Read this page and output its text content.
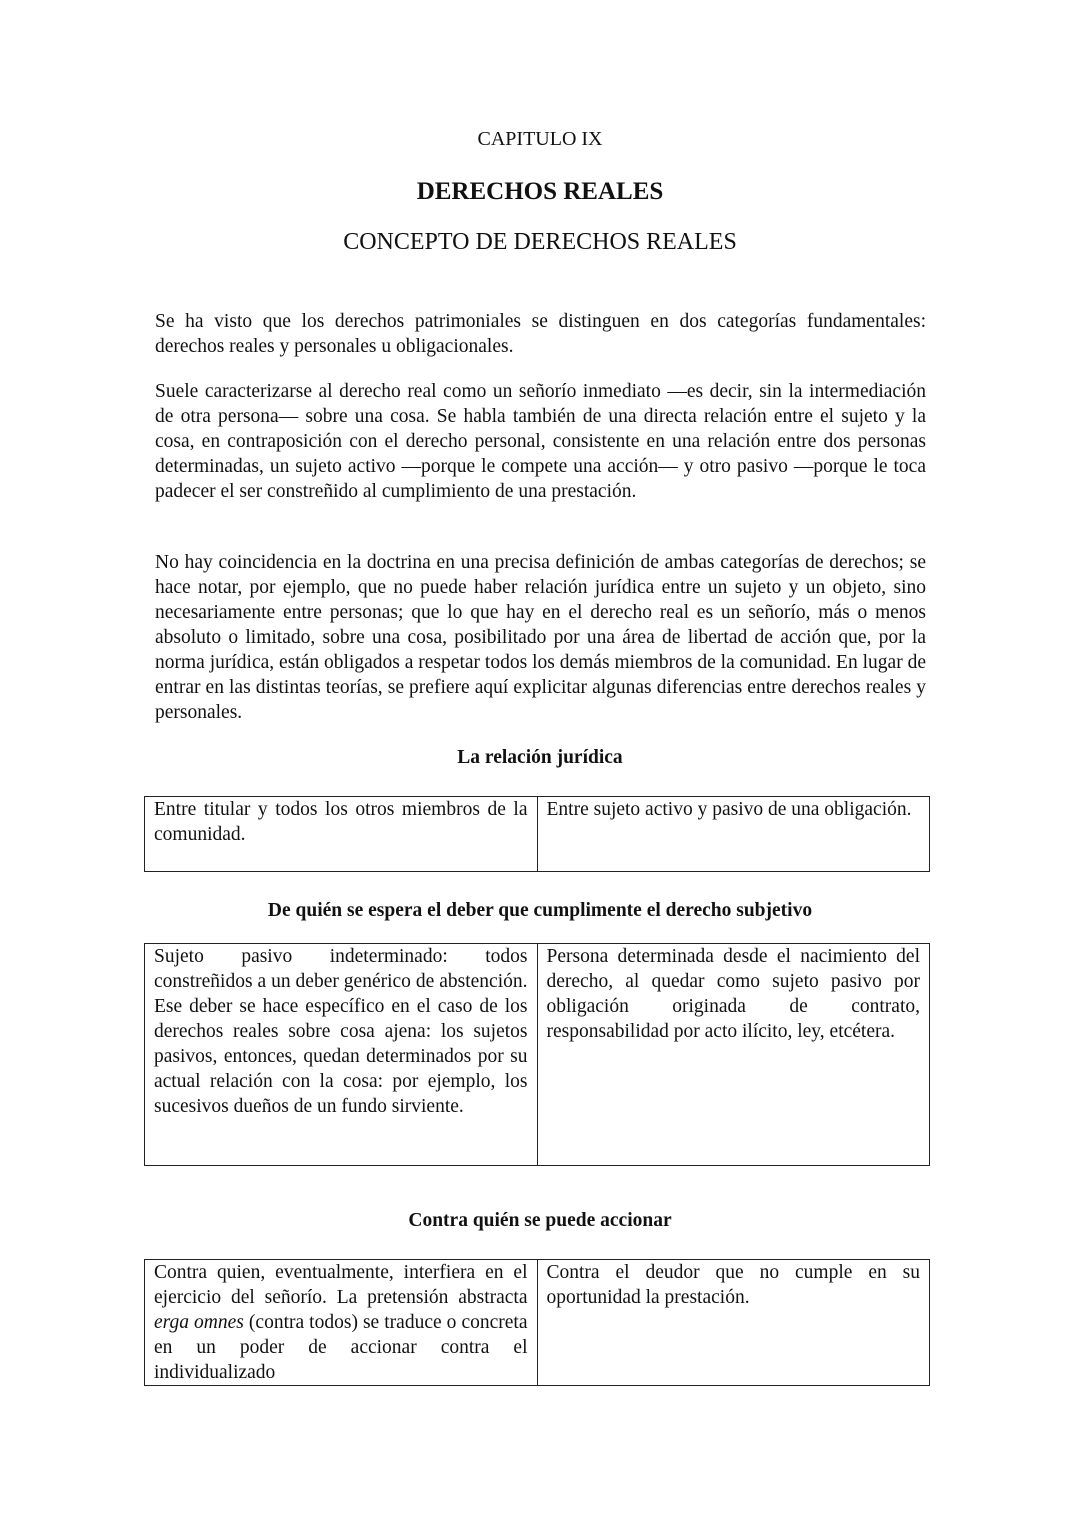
CAPITULO IX
DERECHOS REALES
CONCEPTO DE DERECHOS REALES

Se ha visto que los derechos patrimoniales se distinguen en dos categorías fundamentales: derechos reales y personales u obligacionales.

Suele caracterizarse al derecho real como un señorío inmediato —es decir, sin la intermediación de otra persona— sobre una cosa. Se habla también de una directa relación entre el sujeto y la cosa, en contraposición con el derecho personal, consistente en una relación entre dos personas determinadas, un sujeto activo —porque le compete una acción— y otro pasivo —porque le toca padecer el ser constreñido al cumplimiento de una prestación.

No hay coincidencia en la doctrina en una precisa definición de ambas categorías de derechos; se hace notar, por ejemplo, que no puede haber relación jurídica entre un sujeto y un objeto, sino necesariamente entre personas; que lo que hay en el derecho real es un señorío, más o menos absoluto o limitado, sobre una cosa, posibilitado por una área de libertad de acción que, por la norma jurídica, están obligados a respetar todos los demás miembros de la comunidad. En lugar de entrar en las distintas teorías, se prefiere aquí explicitar algunas diferencias entre derechos reales y personales.

La relación jurídica
Entre titular y todos los otros miembros de la comunidad.	Entre sujeto activo y pasivo de una obligación.
De quién se espera el deber que cumplimente el derecho subjetivo
Sujeto pasivo indeterminado: todos constreñidos a un deber genérico de abstención. Ese deber se hace específico en el caso de los derechos reales sobre cosa ajena: los sujetos pasivos, entonces, quedan determinados por su actual relación con la cosa: por ejemplo, los sucesivos dueños de un fundo sirviente.	Persona determinada desde el nacimiento del derecho, al quedar como sujeto pasivo por obligación originada de contrato, responsabilidad por acto ilícito, ley, etcétera.
Contra quién se puede accionar
Contra quien, eventualmente, interfiera en el ejercicio del señorío. La pretensión abstracta erga omnes (contra todos) se traduce o concreta en un poder de accionar contra el individualizado	Contra el deudor que no cumple en su oportunidad la prestación.
